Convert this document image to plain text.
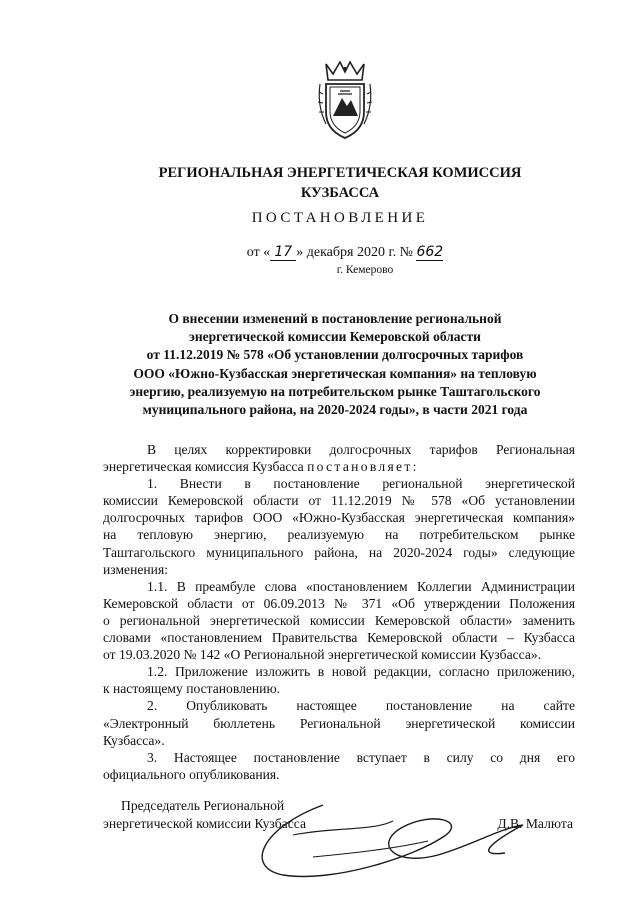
РЕГИОНАЛЬНАЯ ЭНЕРГЕТИЧЕСКАЯ КОМИССИЯ
КУЗБАССА
ПОСТАНОВЛЕНИЕ
от « 17 » декабря 2020 г. № 662
г. Кемерово
О внесении изменений в постановление региональной
энергетической комиссии Кемеровской области
от 11.12.2019 № 578 «Об установлении долгосрочных тарифов
ООО «Южно-Кузбасская энергетическая компания» на тепловую
энергию, реализуемую на потребительском рынке Таштагольского
муниципального района, на 2020-2024 годы», в части 2021 года
В целях корректировки долгосрочных тарифов Региональная
энергетическая комиссия Кузбасса постановляет:
1. Внести в постановление региональной энергетической
комиссии Кемеровской области от 11.12.2019 № 578 «Об установлении
долгосрочных тарифов ООО «Южно-Кузбасская энергетическая компания»
на тепловую энергию, реализуемую на потребительском рынке
Таштагольского муниципального района, на 2020-2024 годы» следующие
изменения:
1.1. В преамбуле слова «постановлением Коллегии Администрации
Кемеровской области от 06.09.2013 № 371 «Об утверждении Положения
о региональной энергетической комиссии Кемеровской области» заменить
словами «постановлением Правительства Кемеровской области – Кузбасса
от 19.03.2020 № 142 «О Региональной энергетической комиссии Кузбасса».
1.2. Приложение изложить в новой редакции, согласно приложению,
к настоящему постановлению.
2. Опубликовать настоящее постановление на сайте
«Электронный бюллетень Региональной энергетической комиссии
Кузбасса».
3. Настоящее постановление вступает в силу со дня его
официального опубликования.
Председатель Региональной
энергетической комиссии Кузбасса	Д.В. Малюта
